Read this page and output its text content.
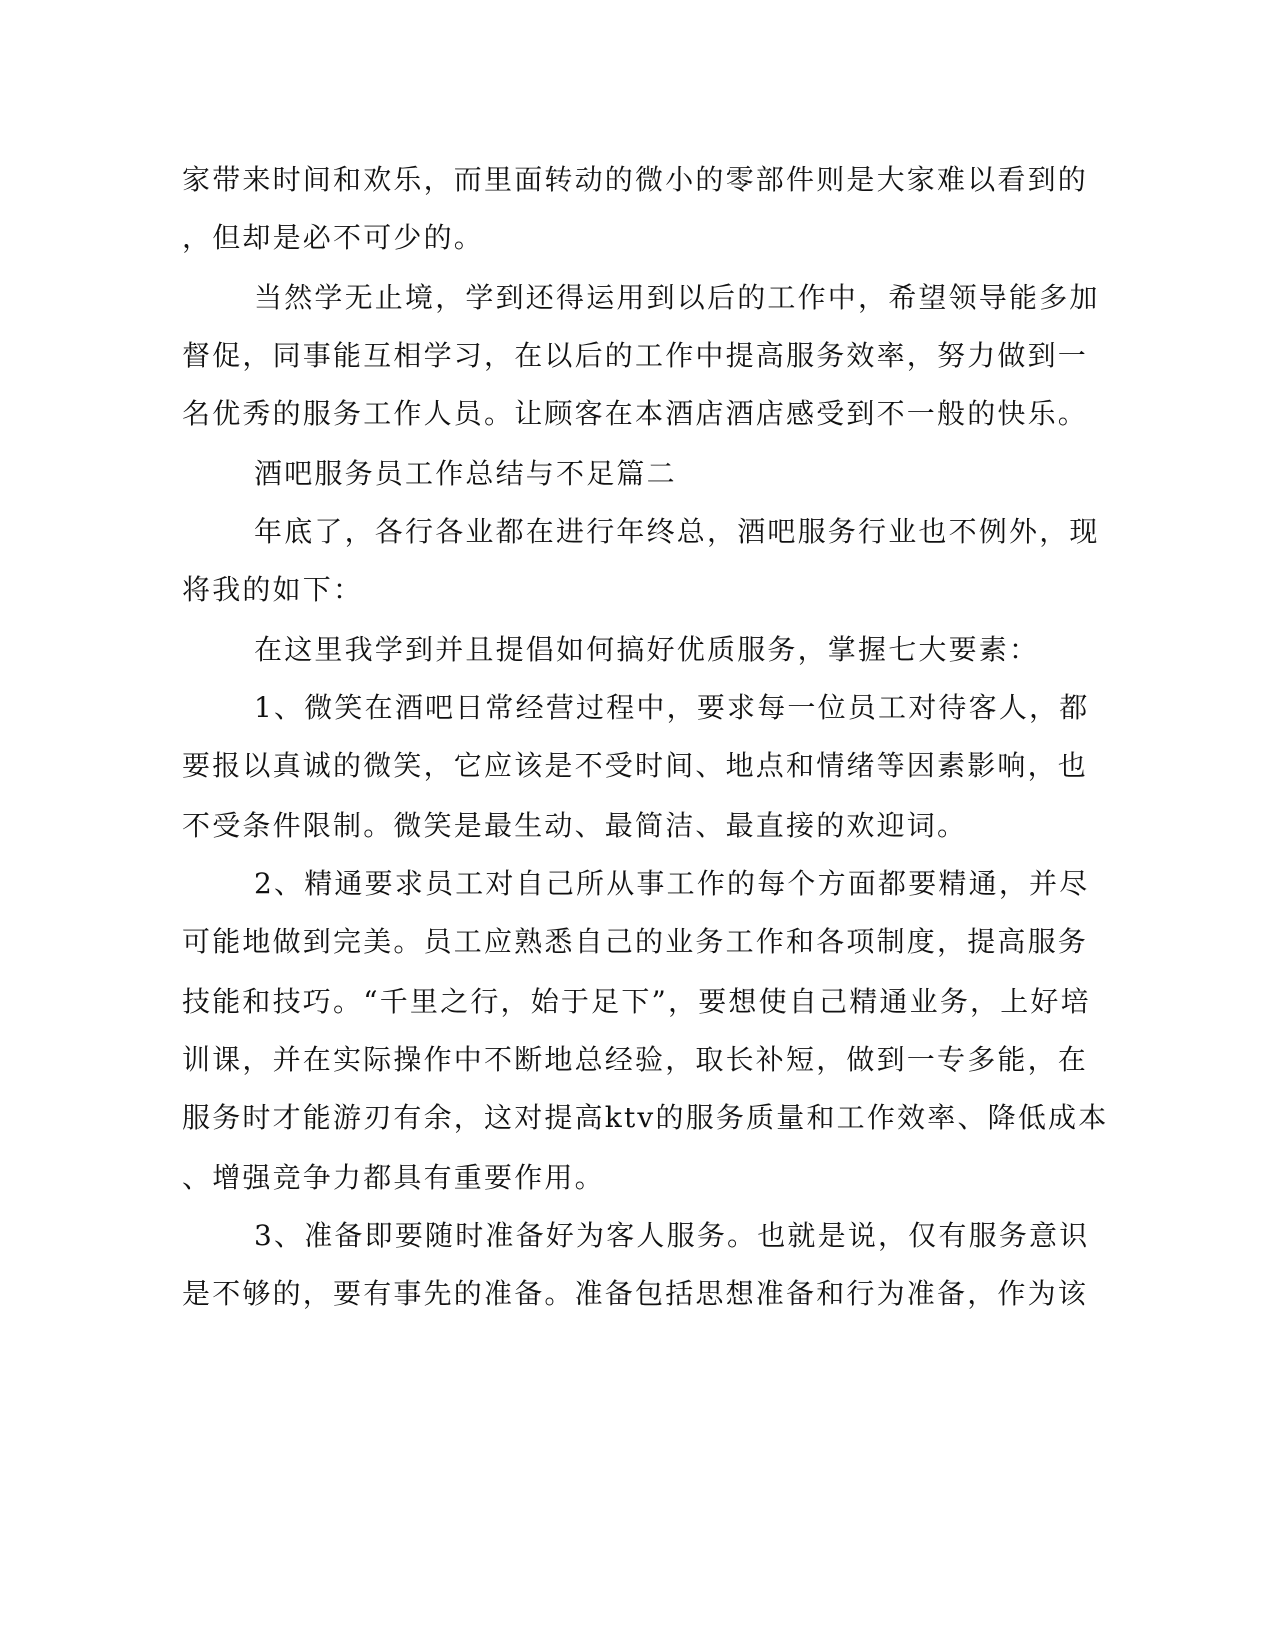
家带来时间和欢乐，而里面转动的微小的零部件则是大家难以看到的
，但却是必不可少的。
当然学无止境，学到还得运用到以后的工作中，希望领导能多加
督促，同事能互相学习，在以后的工作中提高服务效率，努力做到一
名优秀的服务工作人员。让顾客在本酒店酒店感受到不一般的快乐。
酒吧服务员工作总结与不足篇二
年底了，各行各业都在进行年终总，酒吧服务行业也不例外，现
将我的如下：
在这里我学到并且提倡如何搞好优质服务，掌握七大要素：
1、微笑在酒吧日常经营过程中，要求每一位员工对待客人，都
要报以真诚的微笑，它应该是不受时间、地点和情绪等因素影响，也
不受条件限制。微笑是最生动、最简洁、最直接的欢迎词。
2、精通要求员工对自己所从事工作的每个方面都要精通，并尽
可能地做到完美。员工应熟悉自己的业务工作和各项制度，提高服务
技能和技巧。“千里之行，始于足下”，要想使自己精通业务，上好培
训课，并在实际操作中不断地总经验，取长补短，做到一专多能，在
服务时才能游刃有余，这对提高ktv的服务质量和工作效率、降低成本
、增强竞争力都具有重要作用。
3、准备即要随时准备好为客人服务。也就是说，仅有服务意识
是不够的，要有事先的准备。准备包括思想准备和行为准备，作为该
